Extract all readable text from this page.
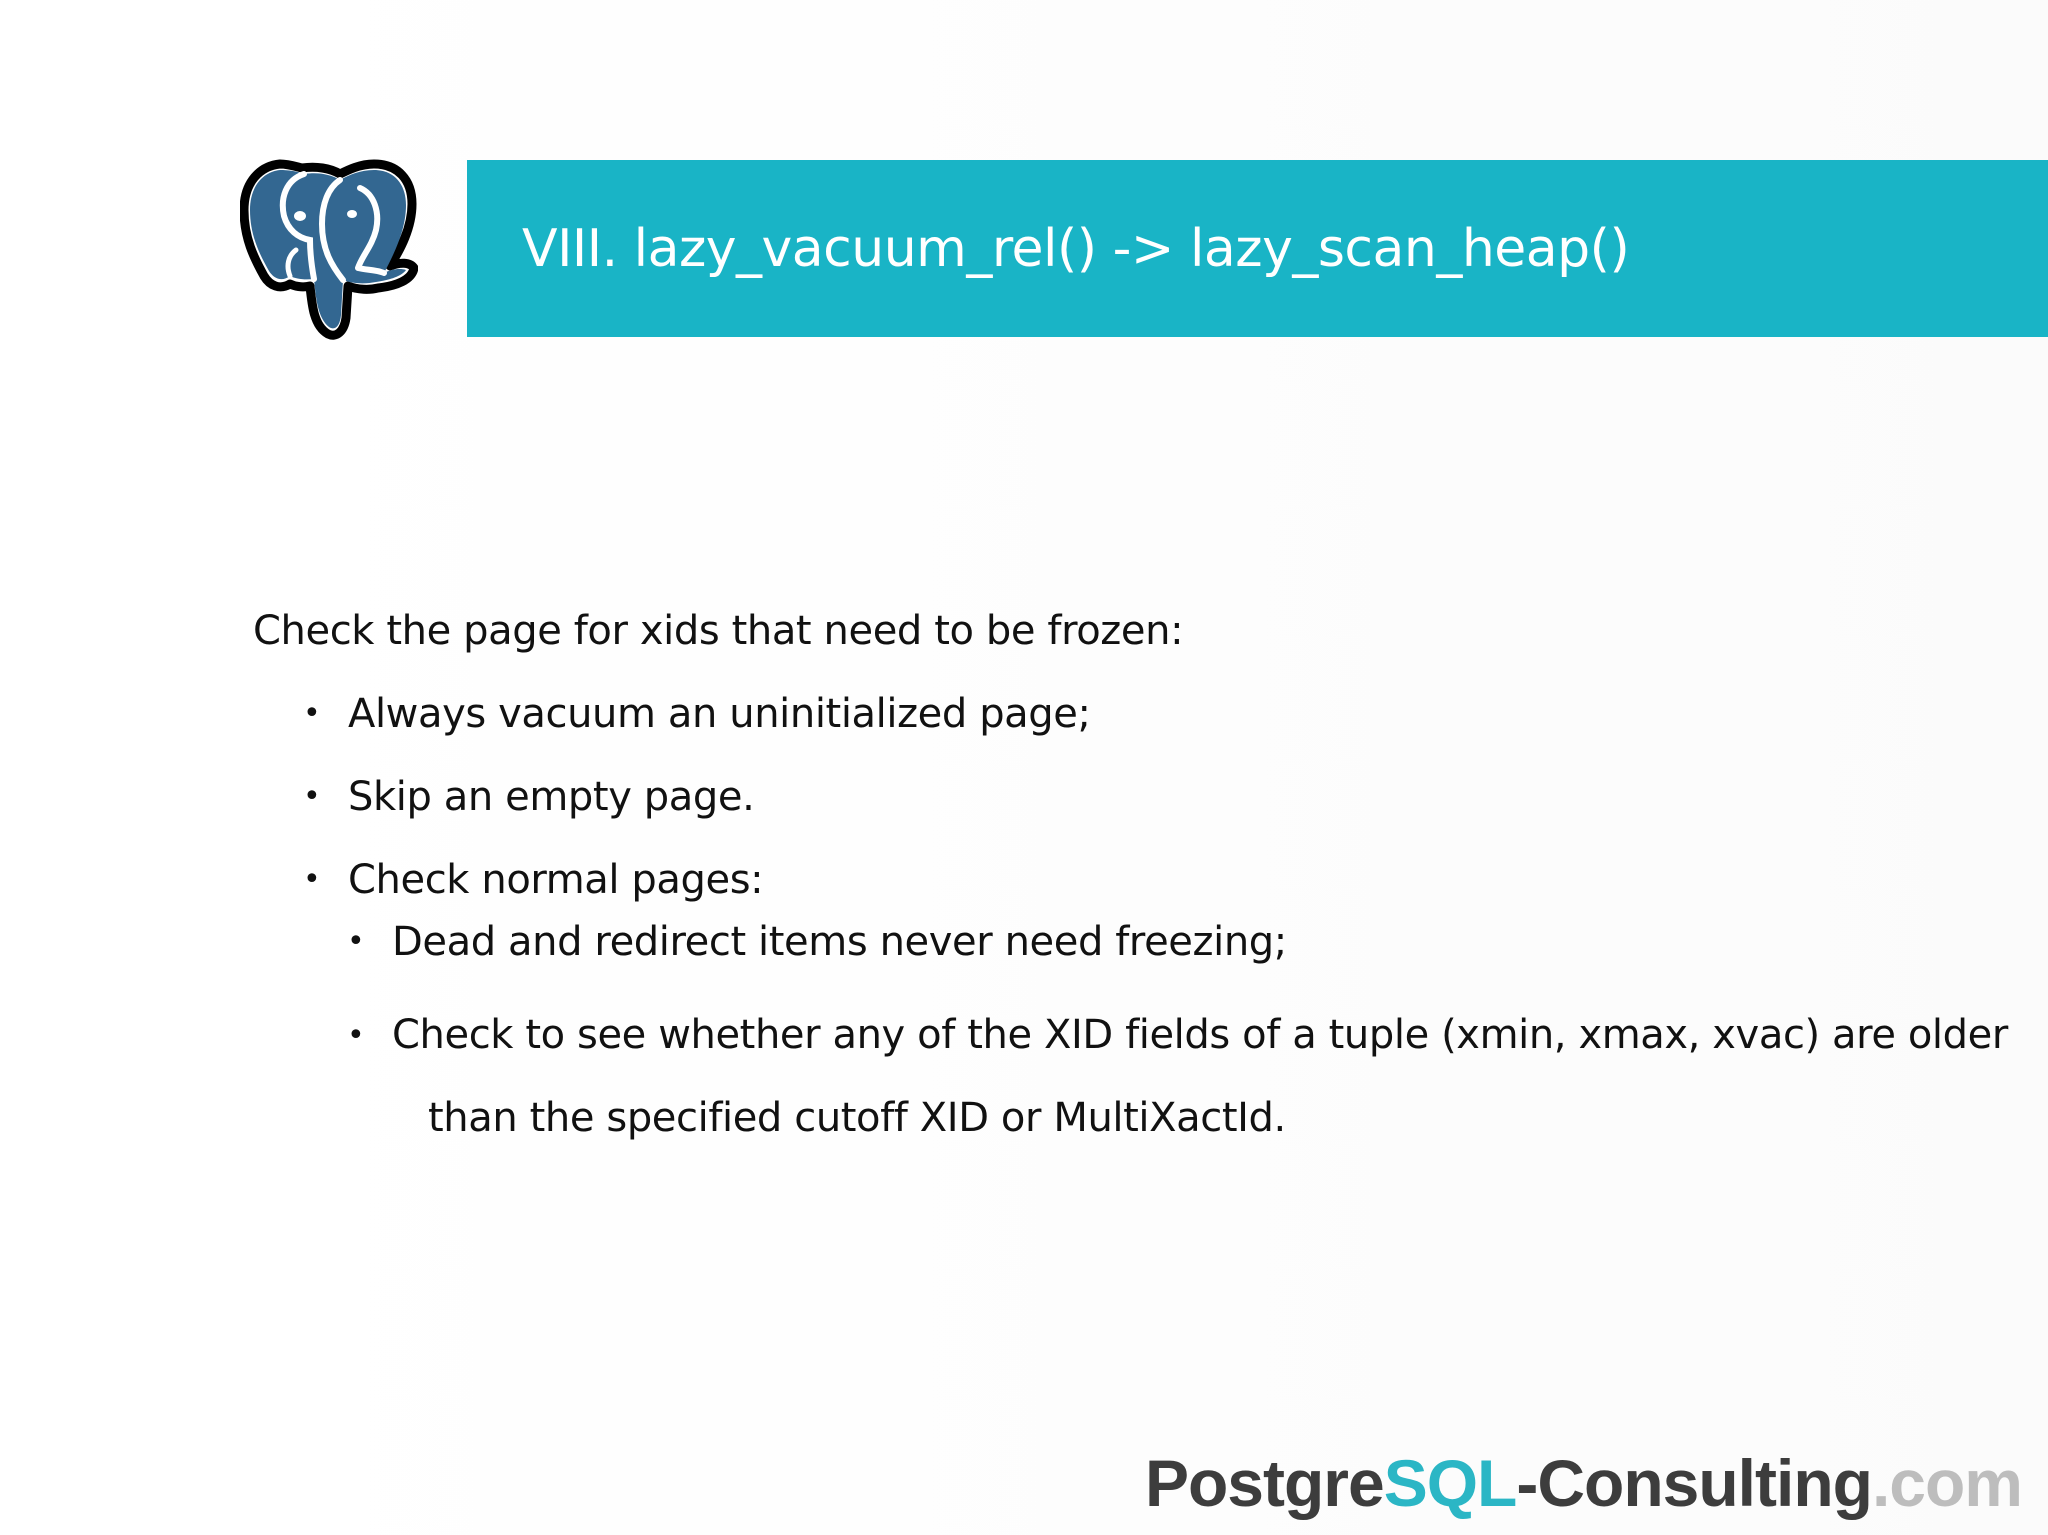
VIII. lazy_vacuum_rel() -> lazy_scan_heap()

Check the page for xids that need to be frozen:

• Always vacuum an uninitialized page;
• Skip an empty page.
• Check normal pages:
• Dead and redirect items never need freezing;
• Check to see whether any of the XID fields of a tuple (xmin, xmax, xvac) are older
than the specified cutoff XID or MultiXactId.
PostgreSQL-Consulting.com
